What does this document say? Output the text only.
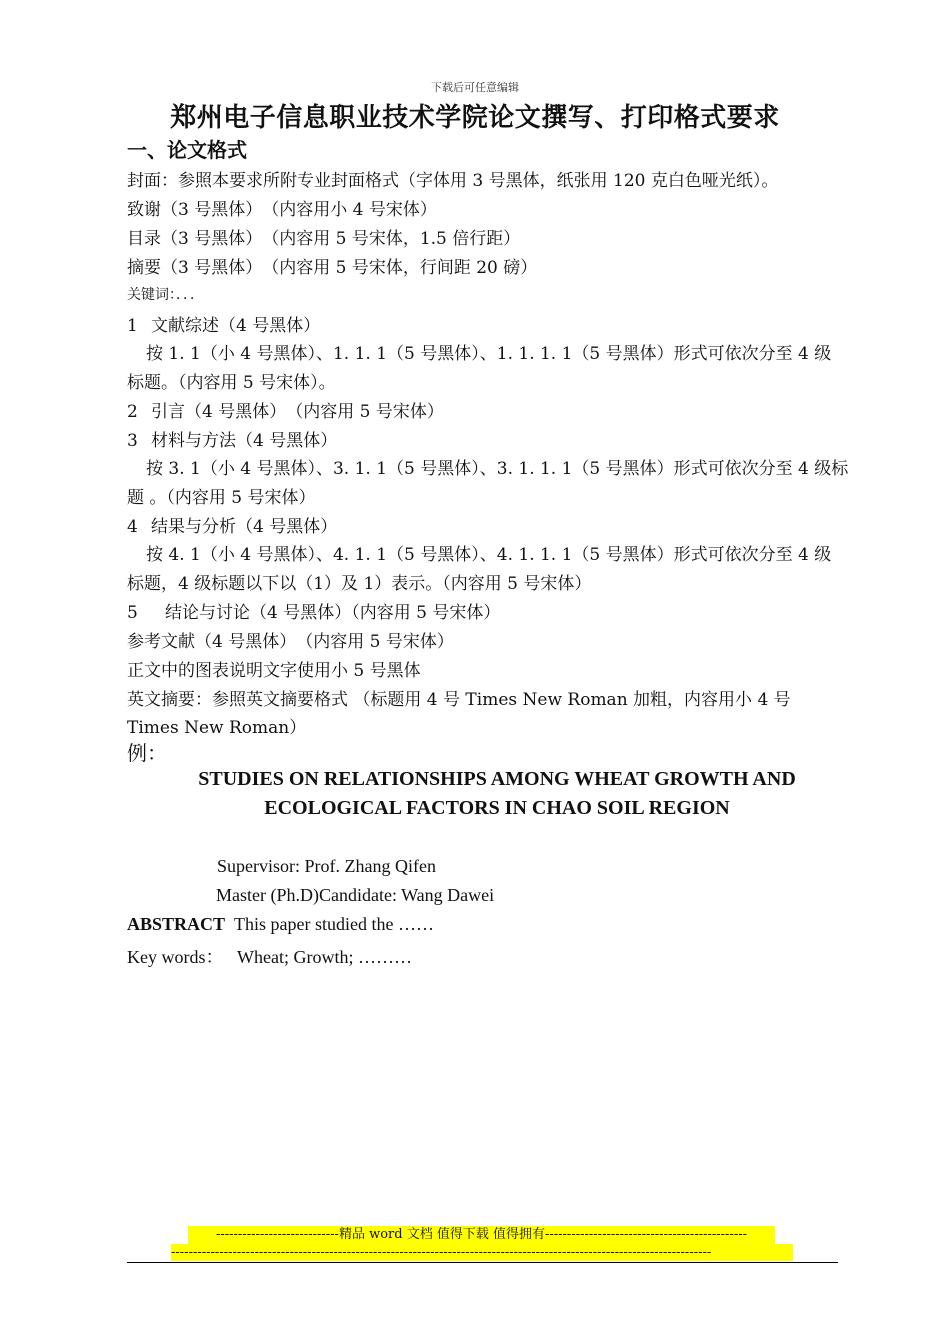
下载后可任意编辑
郑州电子信息职业技术学院论文撰写、打印格式要求
一、论文格式
封面：参照本要求所附专业封面格式（字体用 3 号黑体，纸张用 120 克白色哑光纸）。
致谢（3 号黑体）　（内容用小 4 号宋体）
目录（3 号黑体）　（内容用 5 号宋体，1.5 倍行距）
摘要（3 号黑体）　（内容用 5 号宋体，行间距 20 磅）
关键词：．．．
1 文献综述（4 号黑体）
按 1. 1（小 4 号黑体）、1. 1. 1（5 号黑体）、1. 1. 1. 1（5 号黑体）形式可依次分至 4 级
标题。（内容用 5 号宋体）。
2 引言（4 号黑体）　（内容用 5 号宋体）
3 材料与方法（4 号黑体）
按 3. 1（小 4 号黑体）、3. 1. 1（5 号黑体）、3. 1. 1. 1（5 号黑体）形式可依次分至 4 级标
题 。（内容用 5 号宋体）
4 结果与分析（4 号黑体）
按 4. 1（小 4 号黑体）、4. 1. 1（5 号黑体）、4. 1. 1. 1（5 号黑体）形式可依次分至 4 级
标题，4 级标题以下以（1）及 1）表示。（内容用 5 号宋体）
5 结论与讨论（4 号黑体）（内容用 5 号宋体）
参考文献（4 号黑体）　（内容用 5 号宋体）
正文中的图表说明文字使用小 5 号黑体
英文摘要：参照英文摘要格式 （标题用 4 号 Times New Roman 加粗，内容用小 4 号
Times New Roman）
例：
STUDIES ON RELATIONSHIPS AMONG WHEAT GROWTH AND
ECOLOGICAL FACTORS IN CHAO SOIL REGION
Supervisor: Prof. Zhang Qifen
Master (Ph.D)Candidate: Wang Dawei
ABSTRACT This paper studied the ……
Key words： Wheat; Growth; ………
----------------------------精品 word 文档 值得下载 值得拥有----------------------------------------------
---------------------------------------------------------------------------------------------------------------------------
